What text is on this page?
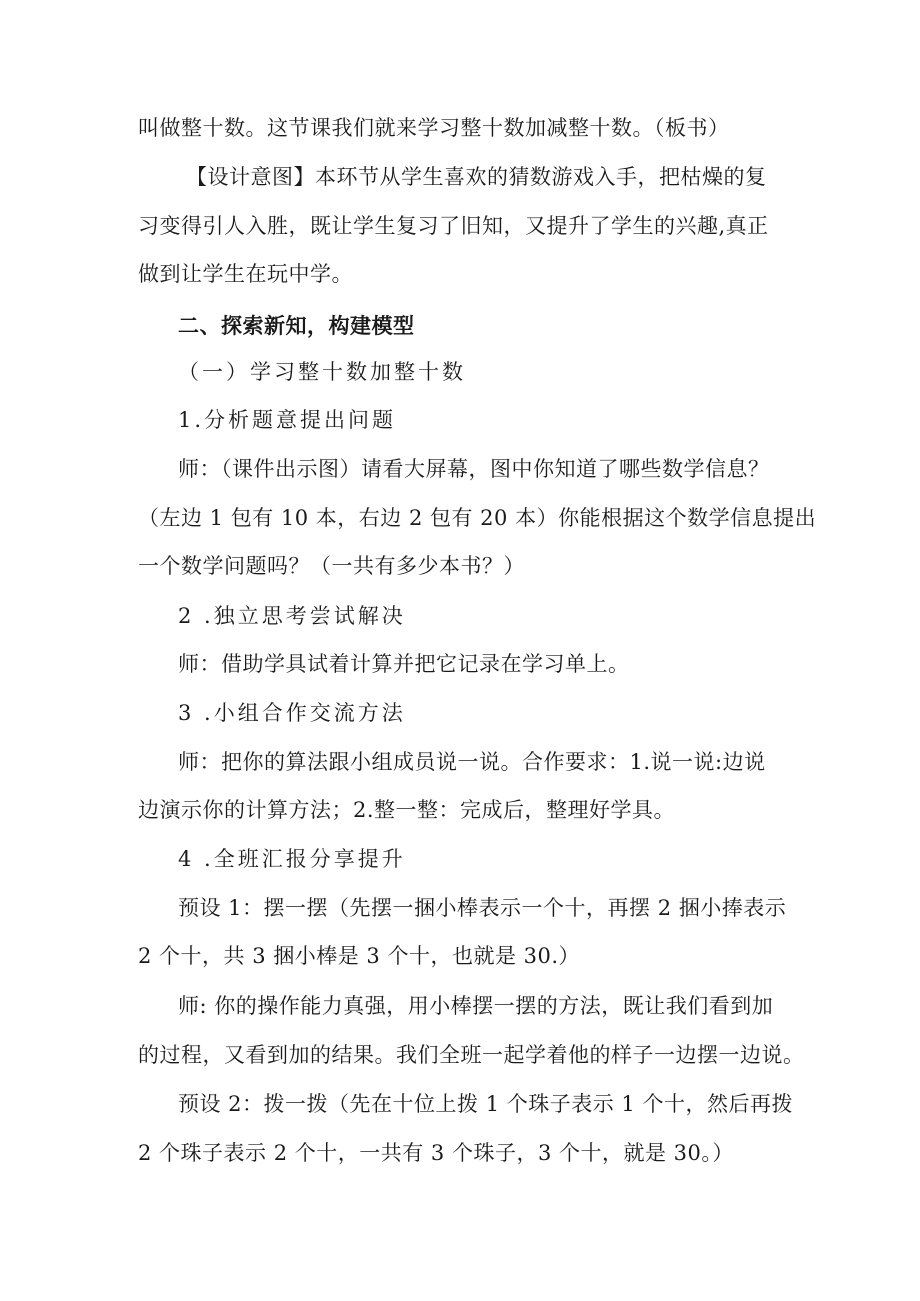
叫做整十数。这节课我们就来学习整十数加减整十数。（板书）
【设计意图】本环节从学生喜欢的猜数游戏入手，把枯燥的复
习变得引人入胜，既让学生复习了旧知，又提升了学生的兴趣,真正
做到让学生在玩中学。
二、探索新知，构建模型
（一）学习整十数加整十数
1.分析题意提出问题
师：（课件出示图）请看大屏幕，图中你知道了哪些数学信息？
（左边 1 包有 10 本，右边 2 包有 20 本）你能根据这个数学信息提出
一个数学问题吗？（一共有多少本书？）
2 .独立思考尝试解决
师：借助学具试着计算并把它记录在学习单上。
3 .小组合作交流方法
师：把你的算法跟小组成员说一说。合作要求：1.说一说:边说
边演示你的计算方法；2.整一整：完成后，整理好学具。
4 .全班汇报分享提升
预设 1：摆一摆（先摆一捆小棒表示一个十，再摆 2 捆小捧表示
2 个十，共 3 捆小棒是 3 个十，也就是 30.）
师: 你的操作能力真强，用小棒摆一摆的方法，既让我们看到加
的过程，又看到加的结果。我们全班一起学着他的样子一边摆一边说。
预设 2：拨一拨（先在十位上拨 1 个珠子表示 1 个十，然后再拨
2 个珠子表示 2 个十，一共有 3 个珠子，3 个十，就是 30。）
